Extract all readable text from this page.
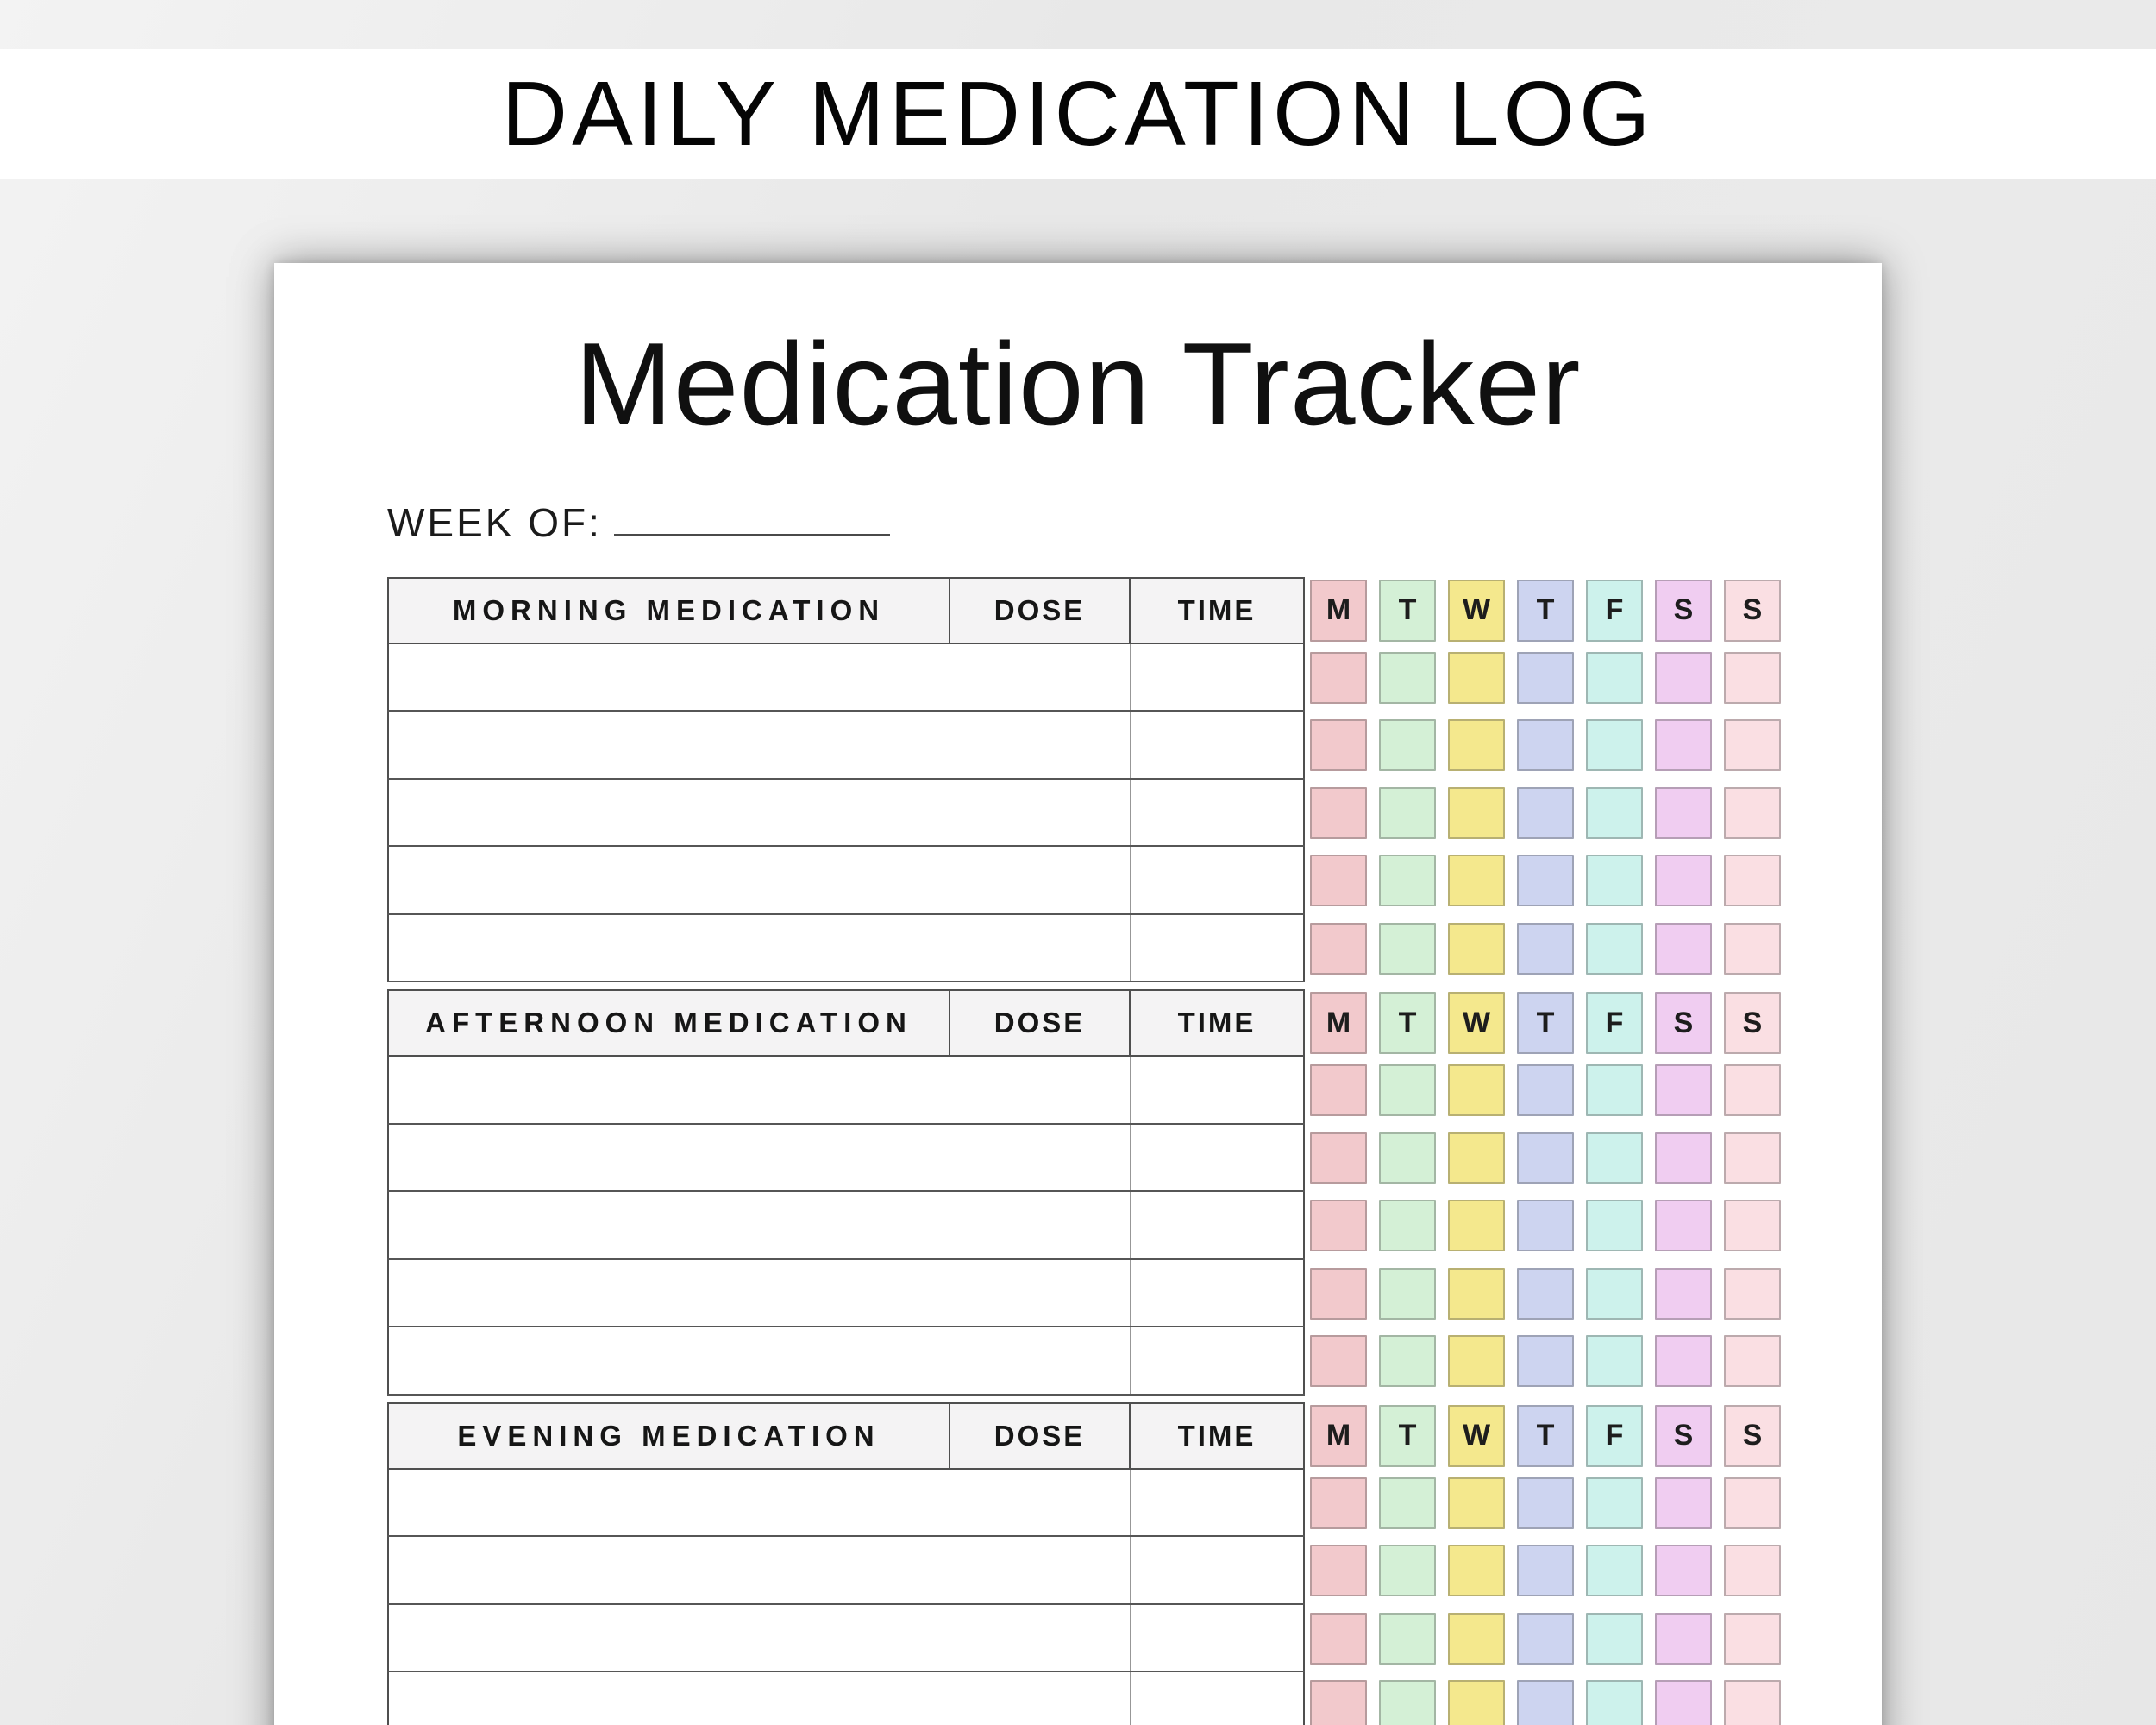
DAILY MEDICATION LOG
Medication Tracker
WEEK OF:
MORNING MEDICATION	DOSE	TIME

			M	T	W	T	F	S	S
AFTERNOON MEDICATION	DOSE	TIME

			M	T	W	T	F	S	S
EVENING MEDICATION	DOSE	TIME

			M	T	W	T	F	S	S
